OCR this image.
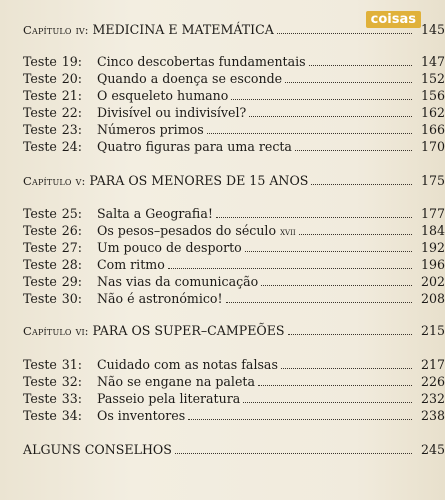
coisas
Capítulo iv: MEDICINA E MATEMÁTICA	145
Teste 19: Cinco descobertas fundamentais	147
Teste 20: Quando a doença se esconde	152
Teste 21: O esqueleto humano	156
Teste 22: Divisível ou indivisível?	162
Teste 23: Números primos	166
Teste 24: Quatro figuras para uma recta	170
Capítulo v: PARA OS MENORES DE 15 ANOS	175
Teste 25: Salta a Geografia!	177
Teste 26: Os pesos–pesados do século xvii	184
Teste 27: Um pouco de desporto	192
Teste 28: Com ritmo	196
Teste 29: Nas vias da comunicação	202
Teste 30: Não é astronómico!	208
Capítulo vi: PARA OS SUPER–CAMPEÕES	215
Teste 31: Cuidado com as notas falsas	217
Teste 32: Não se engane na paleta	226
Teste 33: Passeio pela literatura	232
Teste 34: Os inventores	238
ALGUNS CONSELHOS	245
